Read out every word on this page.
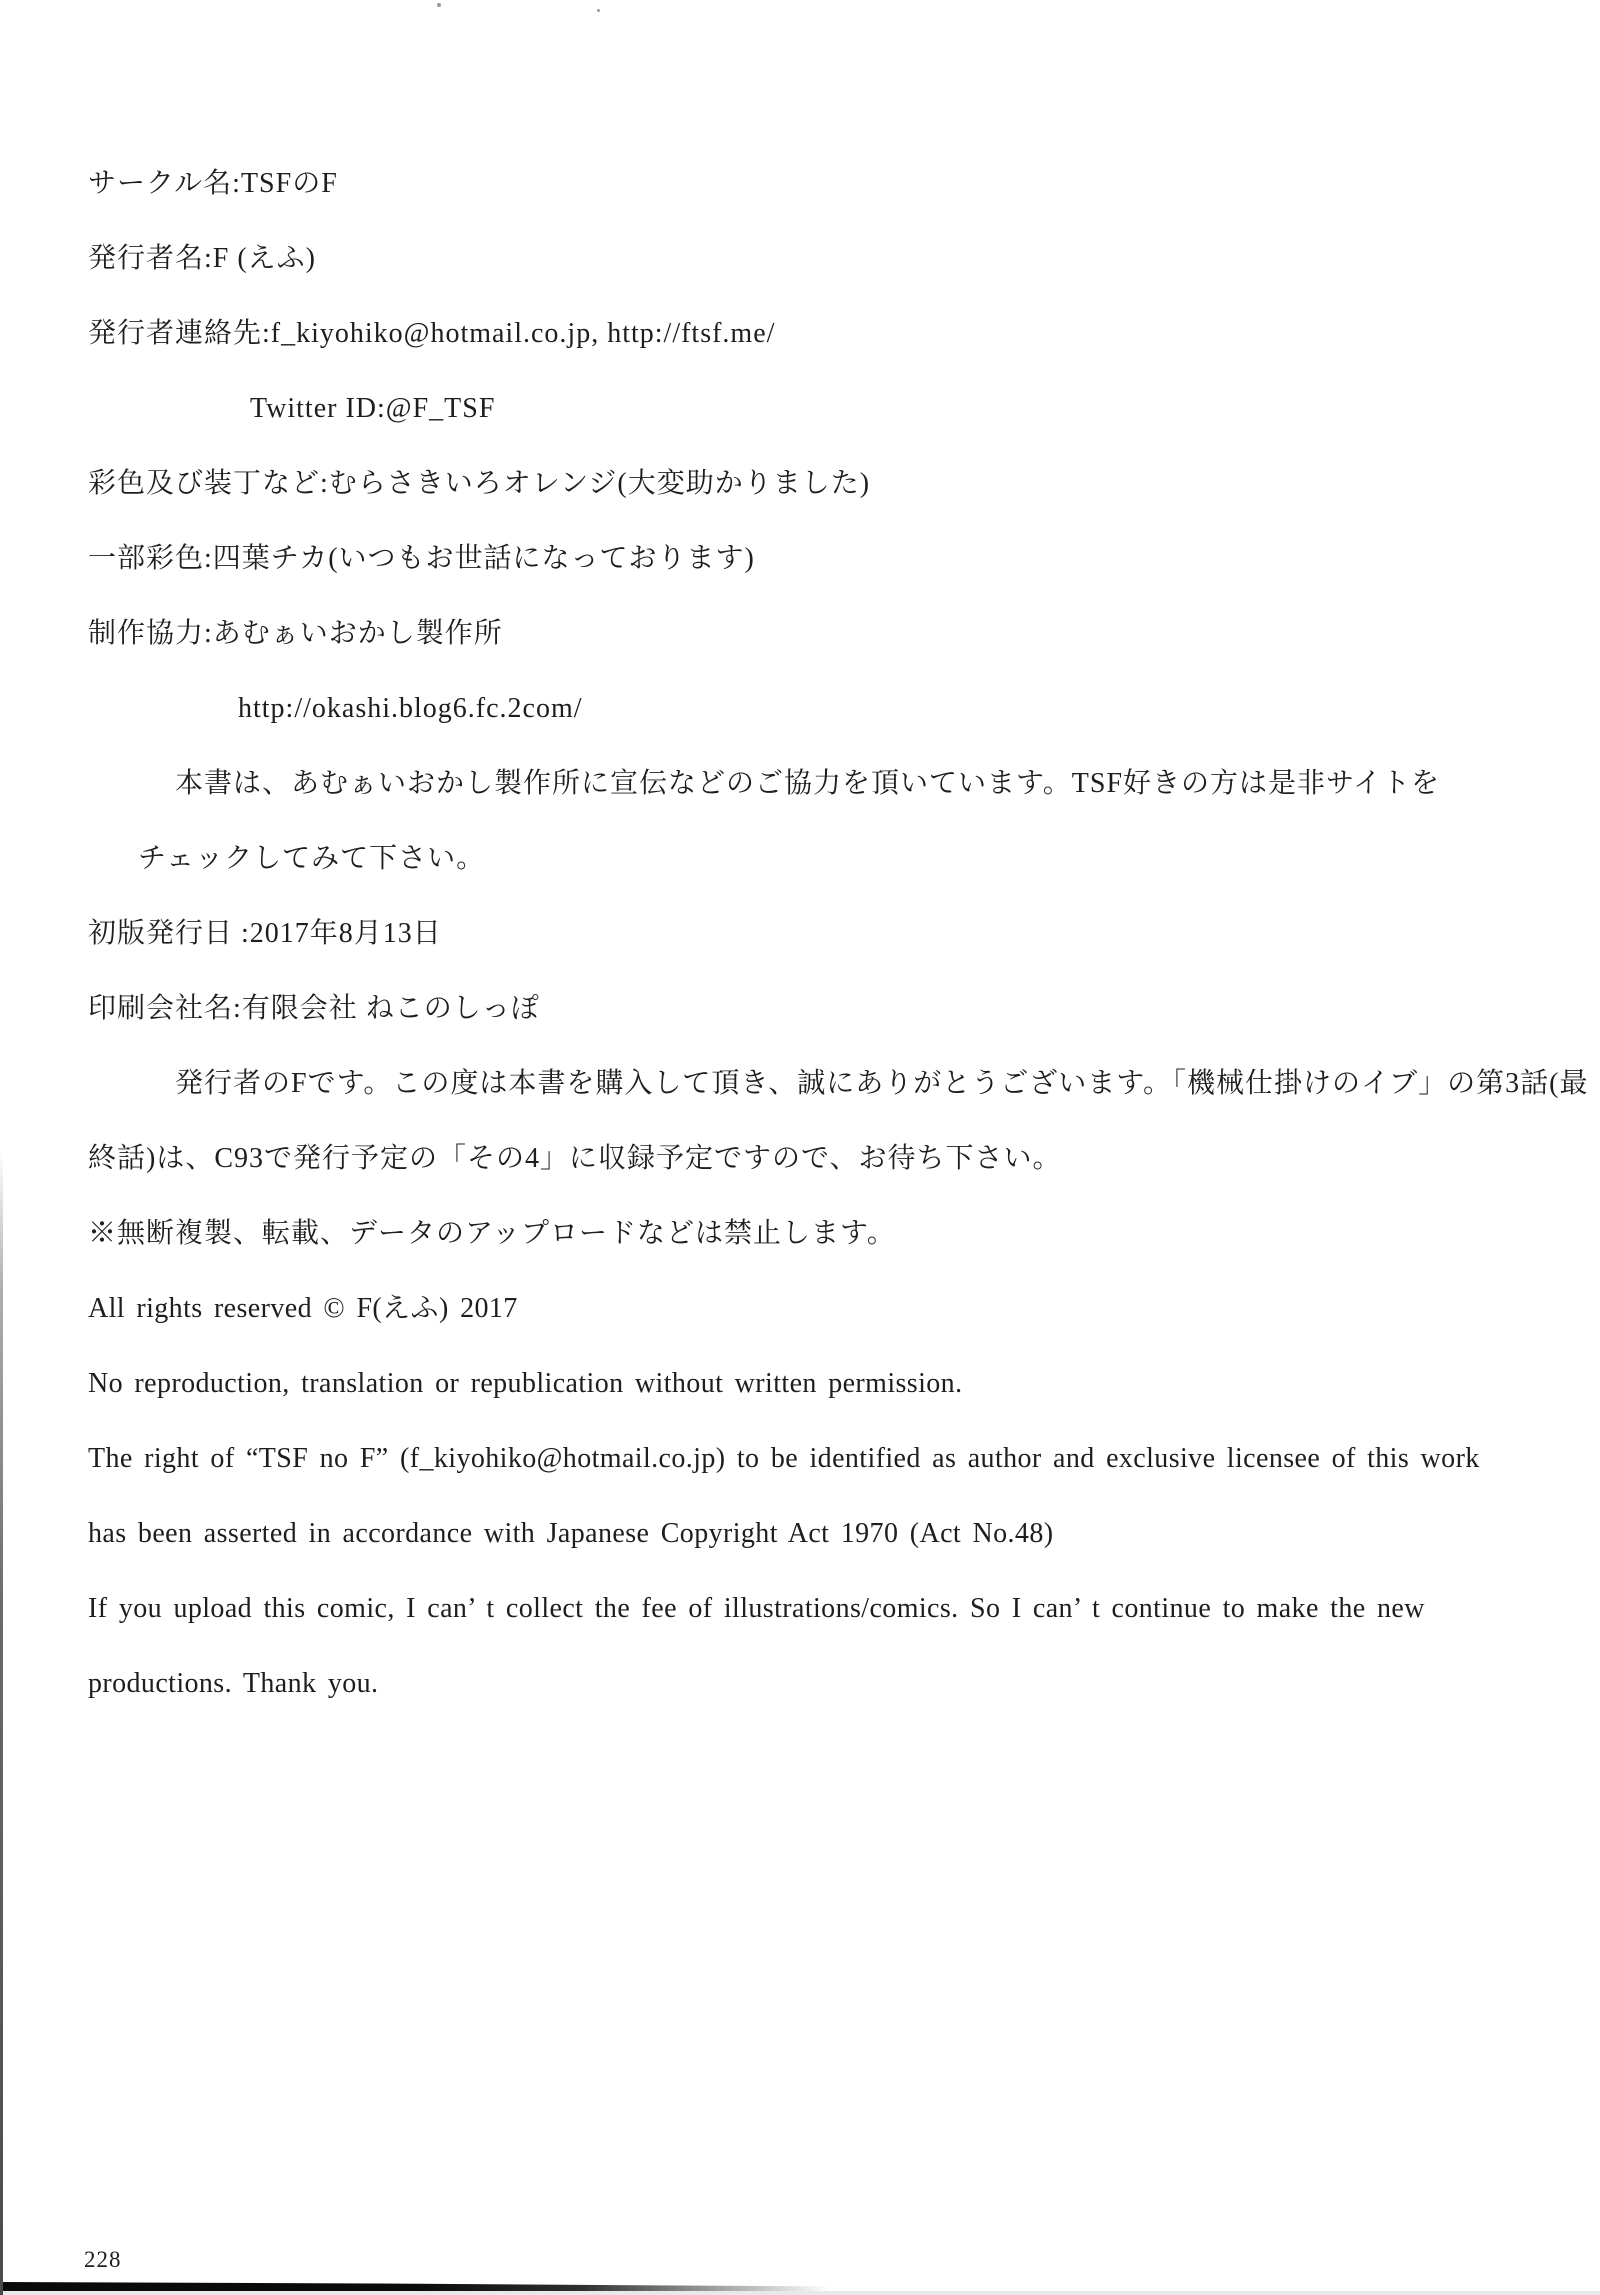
サークル名:TSFのF
発行者名:F (えふ)
発行者連絡先:f_kiyohiko@hotmail.co.jp, http://ftsf.me/
Twitter ID:@F_TSF
彩色及び装丁など:むらさきいろオレンジ(大変助かりました)
一部彩色:四葉チカ(いつもお世話になっております)
制作協力:あむぁいおかし製作所
http://okashi.blog6.fc.2com/
本書は、あむぁいおかし製作所に宣伝などのご協力を頂いています。TSF好きの方は是非サイトを
チェックしてみて下さい。
初版発行日 :2017年8月13日
印刷会社名:有限会社 ねこのしっぽ
発行者のFです。この度は本書を購入して頂き、誠にありがとうございます。「機械仕掛けのイブ」の第3話(最
終話)は、C93で発行予定の「その4」に収録予定ですので、お待ち下さい。
※無断複製、転載、データのアップロードなどは禁止します。
All rights reserved © F(えふ) 2017
No reproduction, translation or republication without written permission.
The right of “TSF no F” (f_kiyohiko@hotmail.co.jp) to be identified as author and exclusive licensee of this work
has been asserted in accordance with Japanese Copyright Act 1970 (Act No.48)
If you upload this comic, I can’ t collect the fee of illustrations/comics. So I can’ t continue to make the new
productions. Thank you.
228
